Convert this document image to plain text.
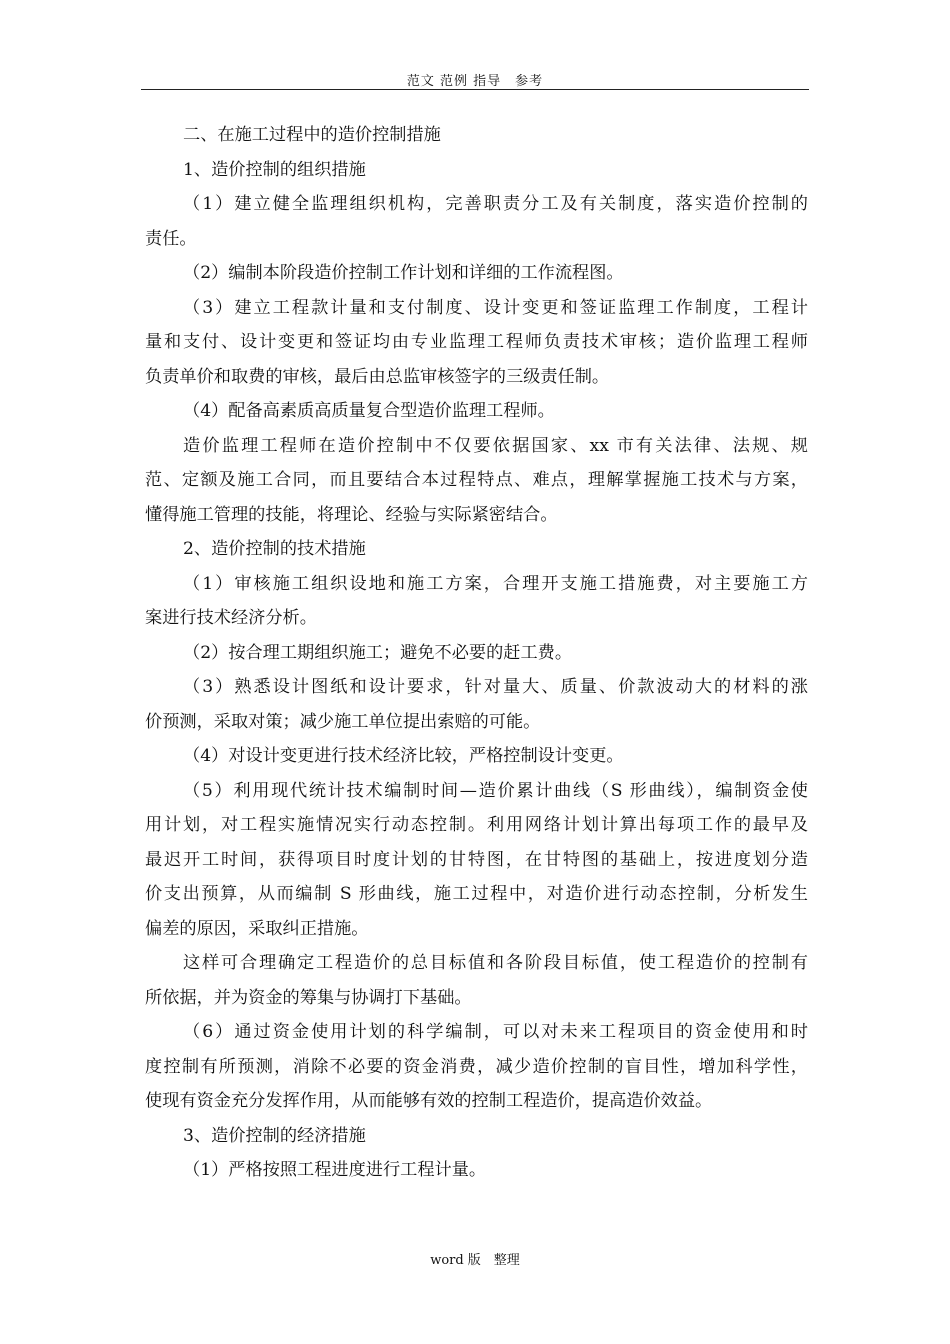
范文 范例 指导　参考
二、在施工过程中的造价控制措施
1、造价控制的组织措施
（1）建立健全监理组织机构，完善职责分工及有关制度，落实造价控制的
责任。
（2）编制本阶段造价控制工作计划和详细的工作流程图。
（3）建立工程款计量和支付制度、设计变更和签证监理工作制度，工程计
量和支付、设计变更和签证均由专业监理工程师负责技术审核；造价监理工程师
负责单价和取费的审核，最后由总监审核签字的三级责任制。
（4）配备高素质高质量复合型造价监理工程师。
造价监理工程师在造价控制中不仅要依据国家、xx 市有关法律、法规、规
范、定额及施工合同，而且要结合本过程特点、难点，理解掌握施工技术与方案，
懂得施工管理的技能，将理论、经验与实际紧密结合。
2、造价控制的技术措施
（1）审核施工组织设地和施工方案，合理开支施工措施费，对主要施工方
案进行技术经济分析。
（2）按合理工期组织施工；避免不必要的赶工费。
（3）熟悉设计图纸和设计要求，针对量大、质量、价款波动大的材料的涨
价预测，采取对策；减少施工单位提出索赔的可能。
（4）对设计变更进行技术经济比较，严格控制设计变更。
（5）利用现代统计技术编制时间—造价累计曲线（S 形曲线），编制资金使
用计划，对工程实施情况实行动态控制。利用网络计划计算出每项工作的最早及
最迟开工时间，获得项目时度计划的甘特图，在甘特图的基础上，按进度划分造
价支出预算，从而编制 S 形曲线，施工过程中，对造价进行动态控制，分析发生
偏差的原因，采取纠正措施。
这样可合理确定工程造价的总目标值和各阶段目标值，使工程造价的控制有
所依据，并为资金的筹集与协调打下基础。
（6）通过资金使用计划的科学编制，可以对未来工程项目的资金使用和时
度控制有所预测，消除不必要的资金消费，减少造价控制的盲目性，增加科学性，
使现有资金充分发挥作用，从而能够有效的控制工程造价，提高造价效益。
3、造价控制的经济措施
（1）严格按照工程进度进行工程计量。
word 版　整理
